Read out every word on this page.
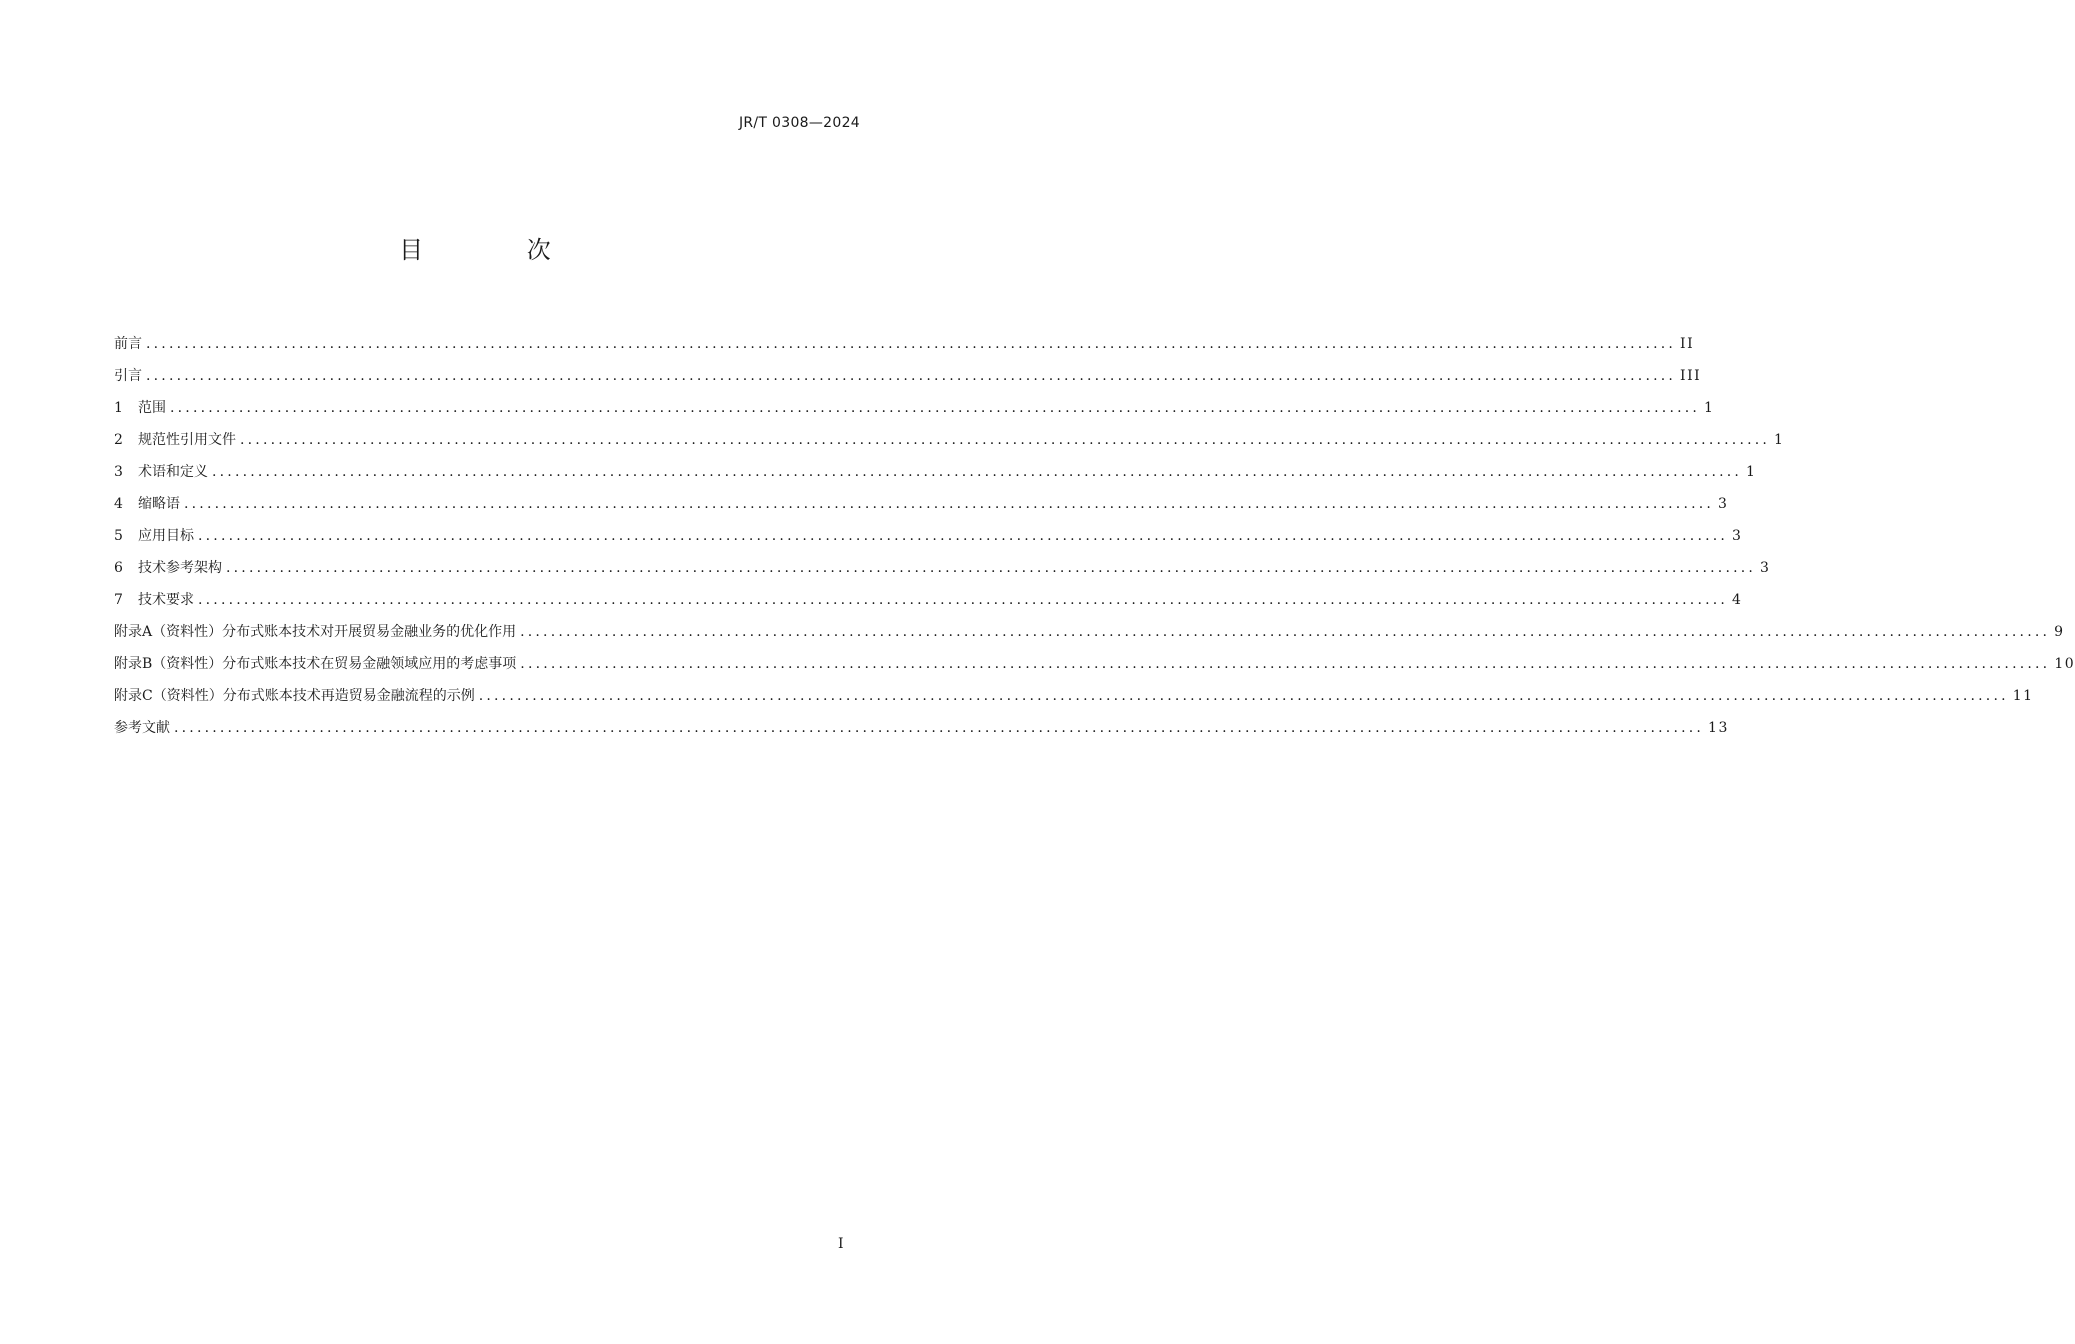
JR/T 0308—2024
目 次
前言 ........................................................................................................................................................................................................ II
引言 ........................................................................................................................................................................................................ III
1	范围 ........................................................................................................................................................................................................ 1
2	规范性引用文件 ........................................................................................................................................................................................................ 1
3	术语和定义 ........................................................................................................................................................................................................ 1
4	缩略语 ........................................................................................................................................................................................................ 3
5	应用目标 ........................................................................................................................................................................................................ 3
6	技术参考架构 ........................................................................................................................................................................................................ 3
7	技术要求 ........................................................................................................................................................................................................ 4
附录A（资料性）分布式账本技术对开展贸易金融业务的优化作用 ........................................................................................................................................................................................................ 9
附录B（资料性）分布式账本技术在贸易金融领域应用的考虑事项 ........................................................................................................................................................................................................ 10
附录C（资料性）分布式账本技术再造贸易金融流程的示例 ........................................................................................................................................................................................................ 11
参考文献 ........................................................................................................................................................................................................ 13
I
